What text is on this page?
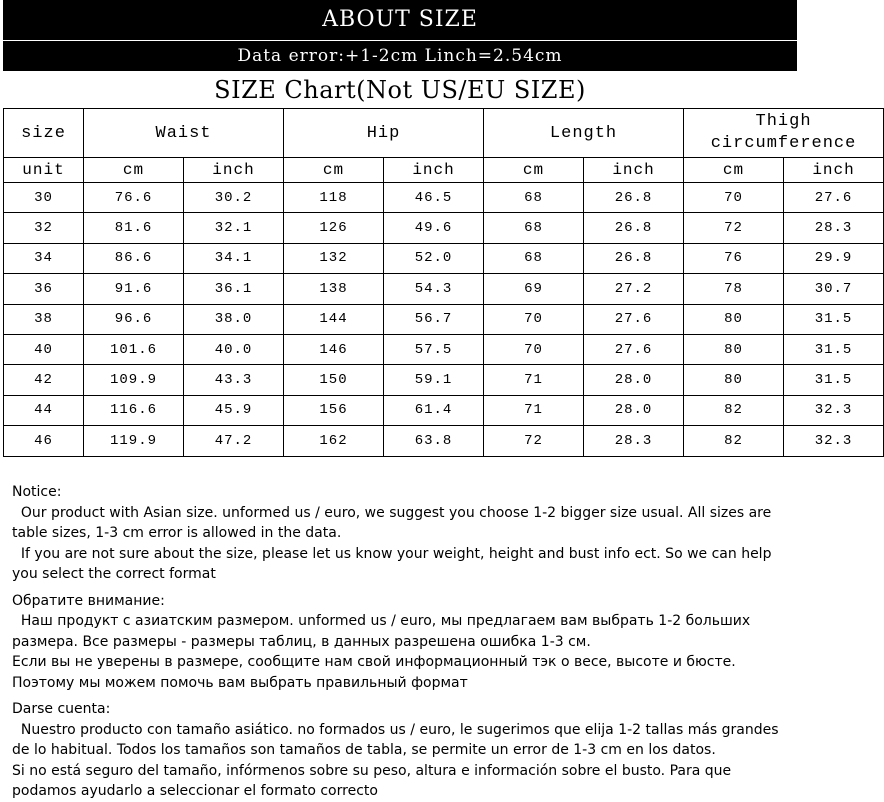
ABOUT SIZE
Data error:+1-2cm Linch=2.54cm
SIZE Chart(Not US/EU SIZE)
size	Waist		Hip		Length		Thigh circumference	
unit	cm	inch	cm	inch	cm	inch	cm	inch
30	76.6	30.2	118	46.5	68	26.8	70	27.6
32	81.6	32.1	126	49.6	68	26.8	72	28.3
34	86.6	34.1	132	52.0	68	26.8	76	29.9
36	91.6	36.1	138	54.3	69	27.2	78	30.7
38	96.6	38.0	144	56.7	70	27.6	80	31.5
40	101.6	40.0	146	57.5	70	27.6	80	31.5
42	109.9	43.3	150	59.1	71	28.0	80	31.5
44	116.6	45.9	156	61.4	71	28.0	82	32.3
46	119.9	47.2	162	63.8	72	28.3	82	32.3

Notice:

Our product with Asian size. unformed us / euro, we suggest you choose 1-2 bigger size usual. All sizes are table sizes, 1-3 cm error is allowed in the data.

If you are not sure about the size, please let us know your weight, height and bust info ect. So we can help you select the correct format

Обратите внимание:

Наш продукт с азиатским размером. unformed us / euro, мы предлагаем вам выбрать 1-2 больших размера. Все размеры - размеры таблиц, в данных разрешена ошибка 1-3 см.

Если вы не уверены в размере, сообщите нам свой информационный тэк о весе, высоте и бюсте. Поэтому мы можем помочь вам выбрать правильный формат

Darse cuenta:

Nuestro producto con tamaño asiático. no formados us / euro, le sugerimos que elija 1-2 tallas más grandes de lo habitual. Todos los tamaños son tamaños de tabla, se permite un error de 1-3 cm en los datos.

Si no está seguro del tamaño, infórmenos sobre su peso, altura e información sobre el busto. Para que podamos ayudarlo a seleccionar el formato correcto
